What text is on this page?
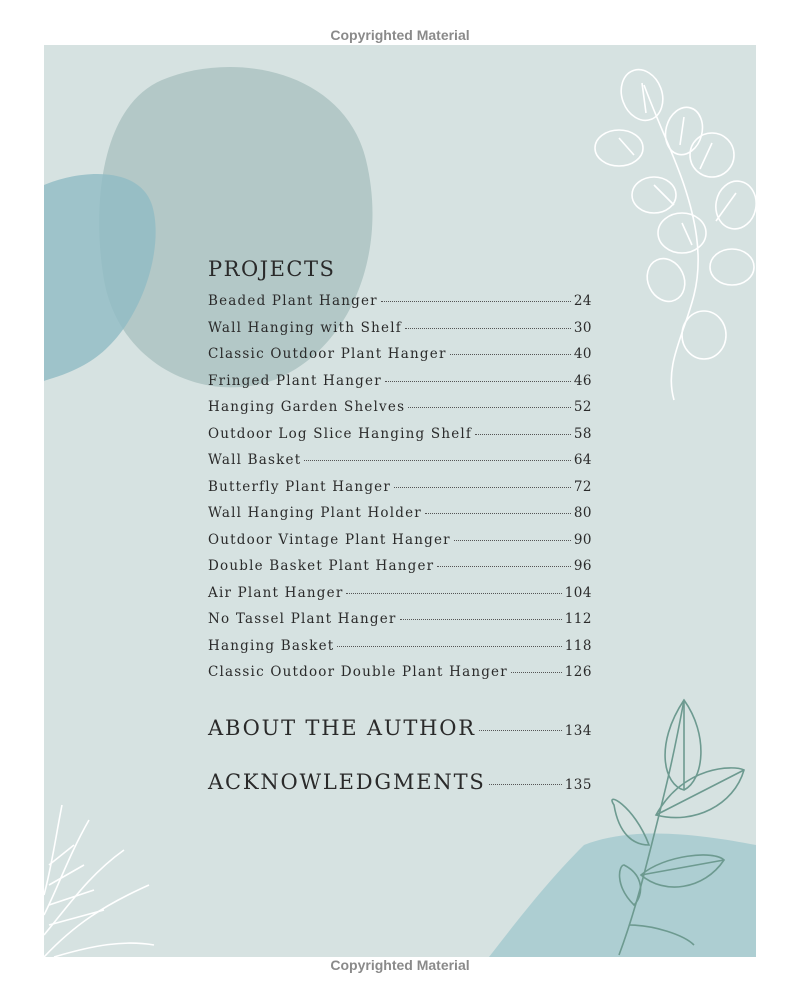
Copyrighted Material
PROJECTS
Beaded Plant Hanger	24
Wall Hanging with Shelf	30
Classic Outdoor Plant Hanger	40
Fringed Plant Hanger	46
Hanging Garden Shelves	52
Outdoor Log Slice Hanging Shelf	58
Wall Basket	64
Butterfly Plant Hanger	72
Wall Hanging Plant Holder	80
Outdoor Vintage Plant Hanger	90
Double Basket Plant Hanger	96
Air Plant Hanger	104
No Tassel Plant Hanger	112
Hanging Basket	118
Classic Outdoor Double Plant Hanger	126
ABOUT THE AUTHOR	134
ACKNOWLEDGMENTS	135
Copyrighted Material
